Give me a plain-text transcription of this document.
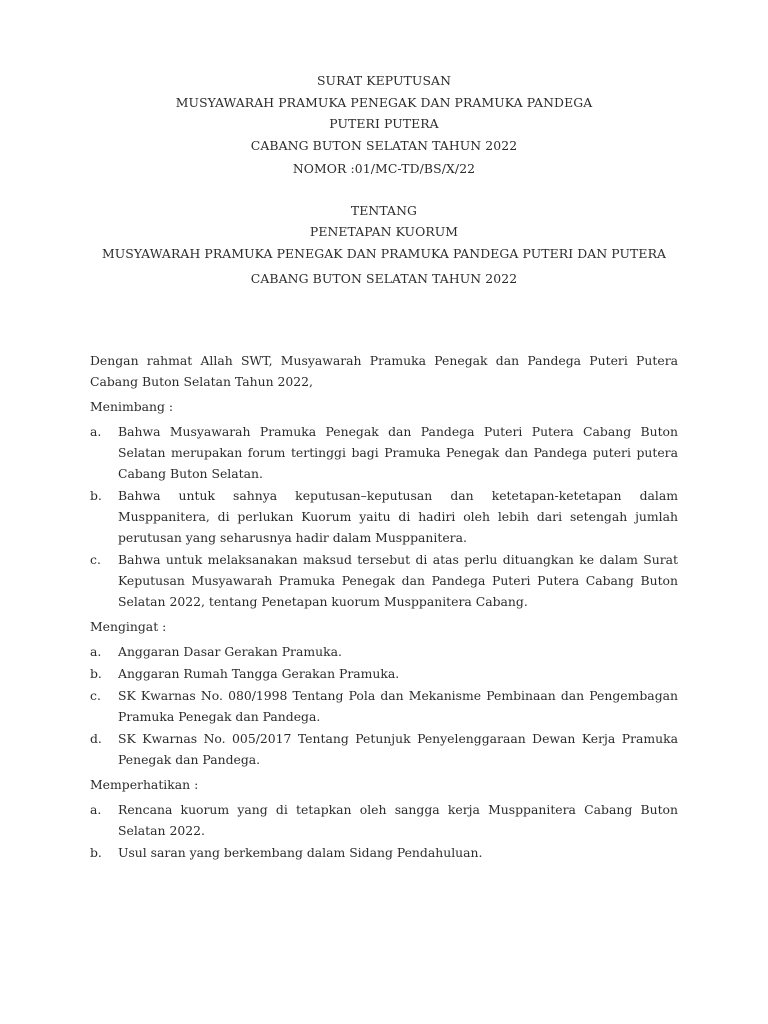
SURAT KEPUTUSAN
MUSYAWARAH PRAMUKA PENEGAK DAN PRAMUKA PANDEGA
PUTERI PUTERA
CABANG BUTON SELATAN TAHUN 2022
NOMOR :01/MC-TD/BS/X/22
TENTANG
PENETAPAN KUORUM
MUSYAWARAH PRAMUKA PENEGAK DAN PRAMUKA PANDEGA PUTERI DAN PUTERA
CABANG BUTON SELATAN TAHUN 2022

Dengan rahmat Allah SWT, Musyawarah Pramuka Penegak dan Pandega Puteri Putera Cabang Buton Selatan Tahun 2022,

Menimbang :
a.	Bahwa Musyawarah Pramuka Penegak dan Pandega Puteri Putera Cabang Buton Selatan merupakan forum tertinggi bagi Pramuka Penegak dan Pandega puteri putera Cabang Buton Selatan.
b.	Bahwa untuk sahnya keputusan–keputusan dan ketetapan-ketetapan dalam Musppanitera, di perlukan Kuorum yaitu di hadiri oleh lebih dari setengah jumlah perutusan yang seharusnya hadir dalam Musppanitera.
c.	Bahwa untuk melaksanakan maksud tersebut di atas perlu dituangkan ke dalam Surat Keputusan Musyawarah Pramuka Penegak dan Pandega Puteri Putera Cabang Buton Selatan 2022, tentang Penetapan kuorum Musppanitera Cabang.
Mengingat :
a.	Anggaran Dasar Gerakan Pramuka.
b.	Anggaran Rumah Tangga Gerakan Pramuka.
c.	SK Kwarnas No. 080/1998 Tentang Pola dan Mekanisme Pembinaan dan Pengembagan Pramuka Penegak dan Pandega.
d.	SK Kwarnas No. 005/2017 Tentang Petunjuk Penyelenggaraan Dewan Kerja Pramuka Penegak dan Pandega.
Memperhatikan :
a.	Rencana kuorum yang di tetapkan oleh sangga kerja Musppanitera Cabang Buton Selatan 2022.
b.	Usul saran yang berkembang dalam Sidang Pendahuluan.
